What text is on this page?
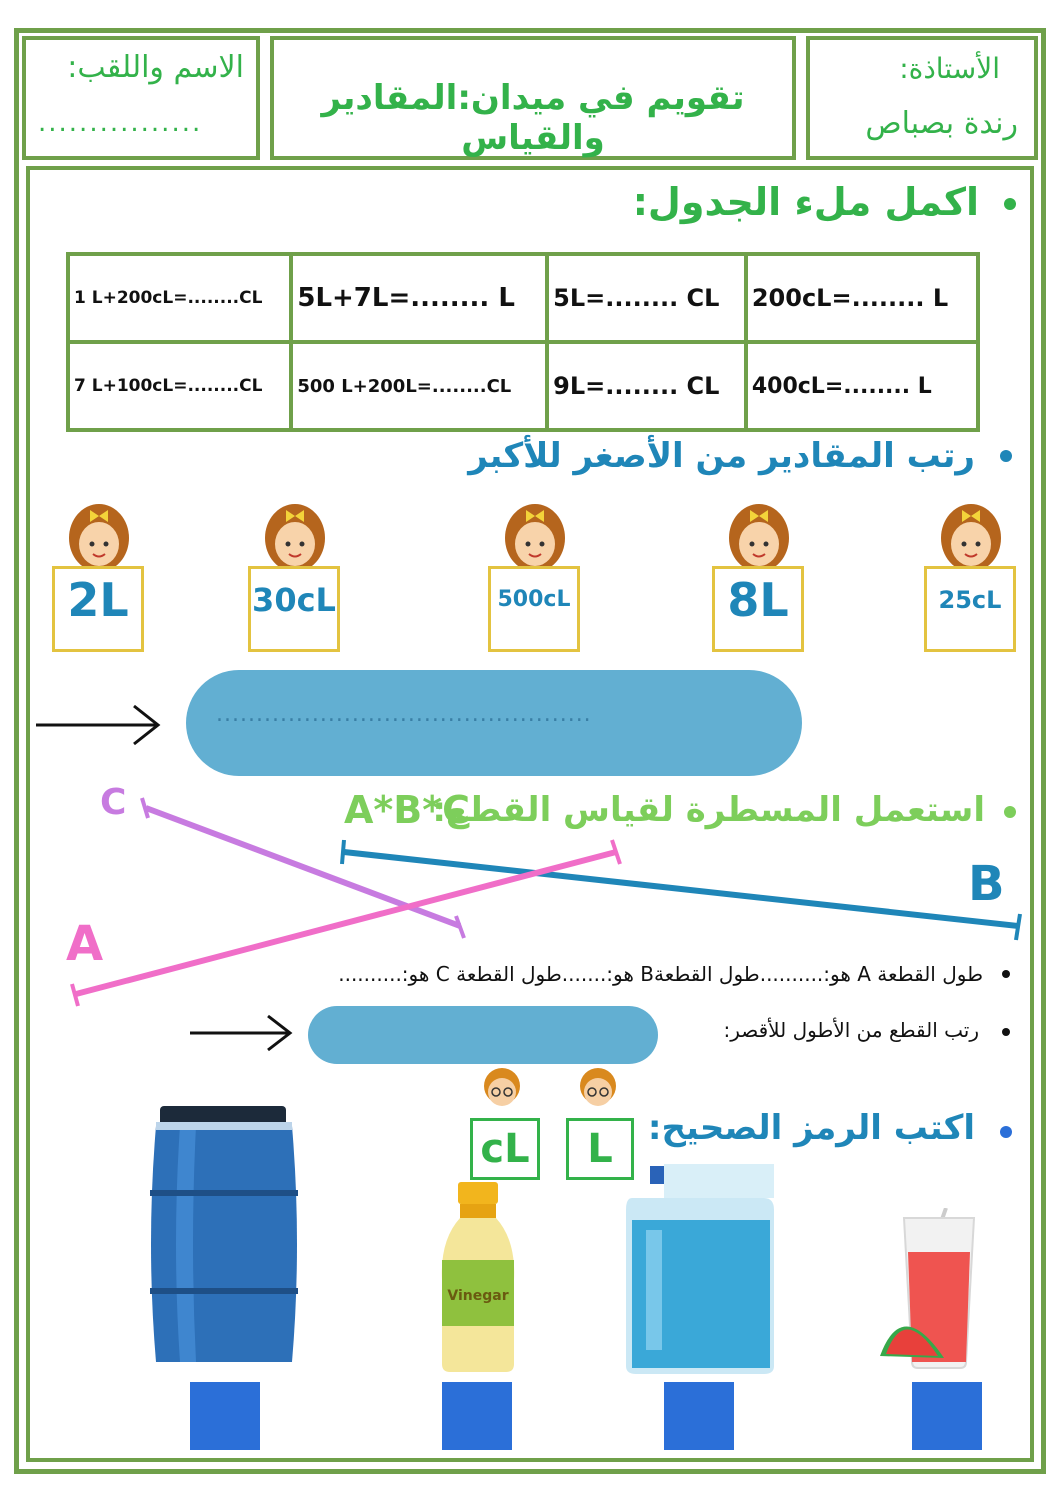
الاسم واللقب:
................
تقويم في ميدان:المقادير والقياس
الأستاذة:
رندة بصباص
اكمل ملء الجدول:
1 L+200cL=........CL	5L+7L=........ L	5L=........ CL	200cL=........ L
7 L+100cL=........CL	500 L+200L=........CL	9L=........ CL	400cL=........ L
رتب المقادير من الأصغر للأكبر
2L	30cL	500cL	8L	25cL
...............................................
استعمل المسطرة لقياس القطع:
A*B*C
C
B
A
طول القطعة A هو:..........طول القطعةB هو:.......طول القطعة C هو:..........
رتب القطع من الأطول للأقصر:
اكتب الرمز الصحيح:
cL	L
Vinegar
